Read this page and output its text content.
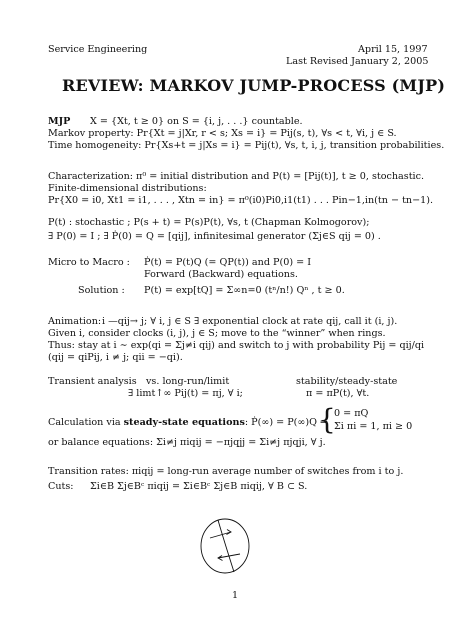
Service Engineering	April 15, 1997
Last Revised January 2, 2005
REVIEW: MARKOV JUMP-PROCESS (MJP)
MJP X = {Xt, t ≥ 0} on S = {i, j, . . .} countable.
Markov property: Pr{Xt = j|Xr, r < s; Xs = i} = Pij(s, t), ∀s < t, ∀i, j ∈ S.
Time homogeneity: Pr{Xs+t = j|Xs = i} = Pij(t), ∀s, t, i, j, transition probabilities.
Characterization: π⁰ = initial distribution and P(t) = [Pij(t)], t ≥ 0, stochastic.
Finite-dimensional distributions:
Pr{X0 = i0, Xt1 = i1, . . . , Xtn = in} = π⁰(i0)Pi0,i1(t1) . . . Pin−1,in(tn − tn−1).
P(t) : stochastic ; P(s + t) = P(s)P(t), ∀s, t (Chapman Kolmogorov);
∃ P(0) = I ; ∃ Ṗ(0) = Q = [qij], infinitesimal generator (Σj∈S qij = 0) .
Micro to Macro : Ṗ(t) = P(t)Q (= QP(t)) and P(0) = I
Forward (Backward) equations.
Solution : P(t) = exp[tQ] = Σ∞n=0 (tⁿ/n!) Qⁿ , t ≥ 0.
Animation: i —qij→ j; ∀ i, j ∈ S ∃ exponential clock at rate qij, call it (i, j).
Given i, consider clocks (i, j), j ∈ S; move to the “winner” when rings.
Thus: stay at i ∼ exp(qi = Σj≠i qij) and switch to j with probability Pij = qij/qi
(qij = qiPij, i ≠ j; qii = −qi).
Transient analysis vs. long-run/limit	stability/steady-state
∃ limt↑∞ Pij(t) = πj, ∀ i;	π = πP(t), ∀t.
Calculation via steady-state equations: Ṗ(∞) = P(∞)Q ⇒
{
0 = πQ
Σi πi = 1, πi ≥ 0
or balance equations: Σi≠j πiqij = −πjqjj = Σi≠j πjqji, ∀ j.
Transition rates: πiqij = long-run average number of switches from i to j.
Cuts: Σi∈B Σj∈Bᶜ πiqij = Σi∈Bᶜ Σj∈B πiqij, ∀ B ⊂ S.
1
